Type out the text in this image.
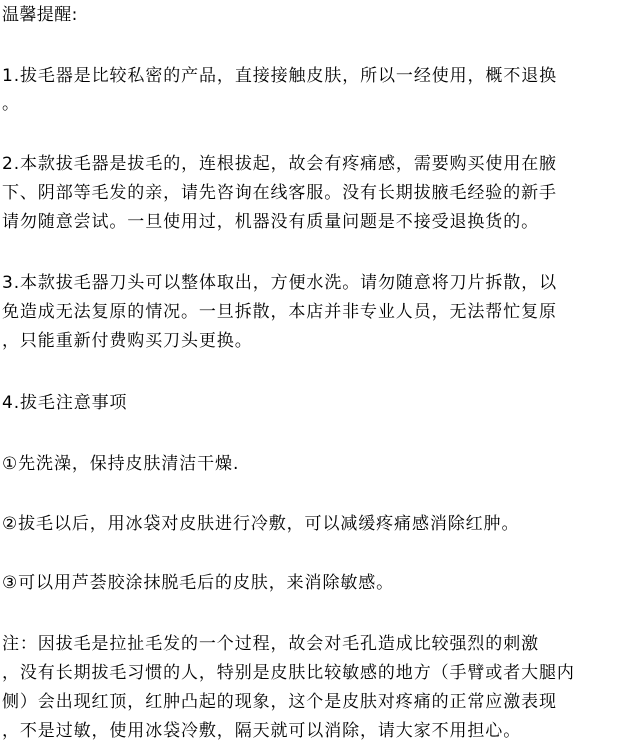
温馨提醒:
1.拔毛器是比较私密的产品，直接接触皮肤，所以一经使用，概不退换
。
2.本款拔毛器是拔毛的，连根拔起，故会有疼痛感，需要购买使用在腋
下、阴部等毛发的亲，请先咨询在线客服。没有长期拔腋毛经验的新手
请勿随意尝试。一旦使用过，机器没有质量问题是不接受退换货的。
3.本款拔毛器刀头可以整体取出，方便水洗。请勿随意将刀片拆散，以
免造成无法复原的情况。一旦拆散，本店并非专业人员，无法帮忙复原
，只能重新付费购买刀头更换。
4.拔毛注意事项
①先洗澡，保持皮肤清洁干燥.
②拔毛以后，用冰袋对皮肤进行冷敷，可以减缓疼痛感消除红肿。
③可以用芦荟胶涂抹脱毛后的皮肤，来消除敏感。
注：因拔毛是拉扯毛发的一个过程，故会对毛孔造成比较强烈的刺激
，没有长期拔毛习惯的人，特别是皮肤比较敏感的地方（手臂或者大腿内
侧）会出现红顶，红肿凸起的现象，这个是皮肤对疼痛的正常应激表现
，不是过敏，使用冰袋冷敷，隔天就可以消除，请大家不用担心。
